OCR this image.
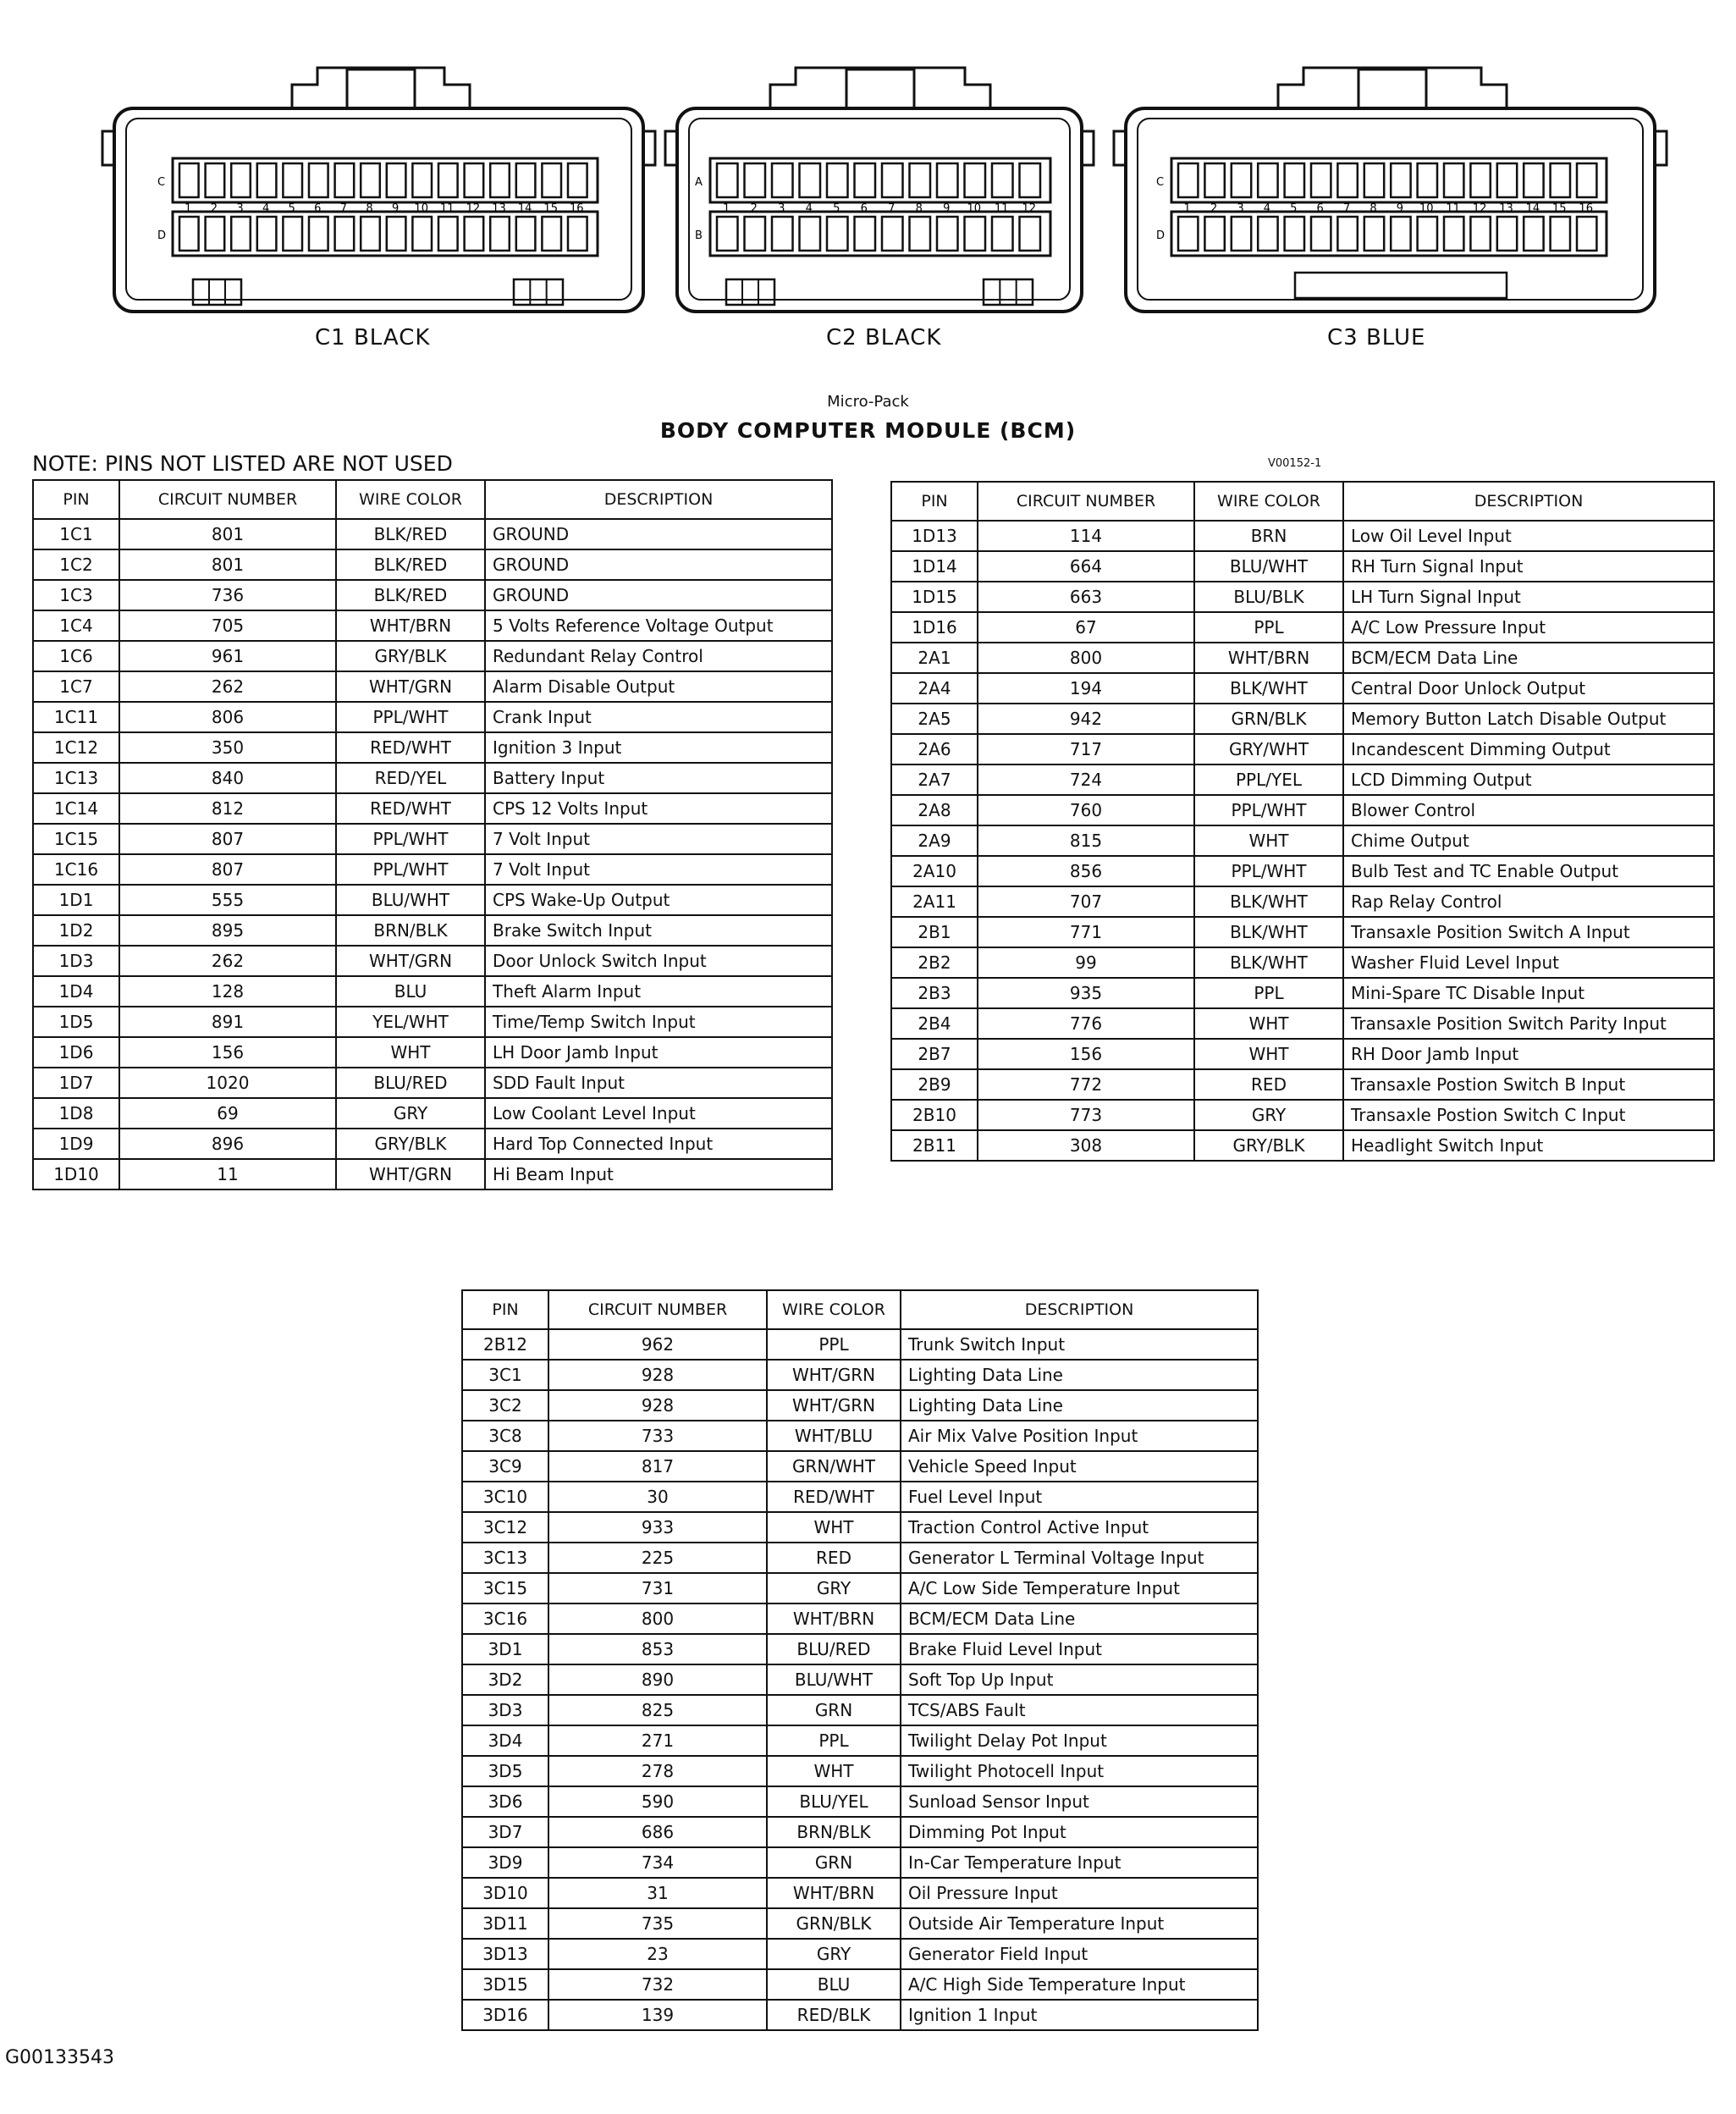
C
D
1 2 3 4 5 6 7 8 9 10 11 12 13 14 15 16
A
B
1 2 3 4 5 6 7 8 9 10 11 12
C
D
1 2 3 4 5 6 7 8 9 10 11 12 13 14 15 16
C1 BLACK	C2 BLACK	C3 BLUE
Micro-Pack
BODY COMPUTER MODULE (BCM)
NOTE: PINS NOT LISTED ARE NOT USED	V00152-1
PIN	CIRCUIT NUMBER	WIRE COLOR	DESCRIPTION
1C1	801	BLK/RED	GROUND
1C2	801	BLK/RED	GROUND
1C3	736	BLK/RED	GROUND
1C4	705	WHT/BRN	5 Volts Reference Voltage Output
1C6	961	GRY/BLK	Redundant Relay Control
1C7	262	WHT/GRN	Alarm Disable Output
1C11	806	PPL/WHT	Crank Input
1C12	350	RED/WHT	Ignition 3 Input
1C13	840	RED/YEL	Battery Input
1C14	812	RED/WHT	CPS 12 Volts Input
1C15	807	PPL/WHT	7 Volt Input
1C16	807	PPL/WHT	7 Volt Input
1D1	555	BLU/WHT	CPS Wake-Up Output
1D2	895	BRN/BLK	Brake Switch Input
1D3	262	WHT/GRN	Door Unlock Switch Input
1D4	128	BLU	Theft Alarm Input
1D5	891	YEL/WHT	Time/Temp Switch Input
1D6	156	WHT	LH Door Jamb Input
1D7	1020	BLU/RED	SDD Fault Input
1D8	69	GRY	Low Coolant Level Input
1D9	896	GRY/BLK	Hard Top Connected Input
1D10	11	WHT/GRN	Hi Beam Input
PIN	CIRCUIT NUMBER	WIRE COLOR	DESCRIPTION
1D13	114	BRN	Low Oil Level Input
1D14	664	BLU/WHT	RH Turn Signal Input
1D15	663	BLU/BLK	LH Turn Signal Input
1D16	67	PPL	A/C Low Pressure Input
2A1	800	WHT/BRN	BCM/ECM Data Line
2A4	194	BLK/WHT	Central Door Unlock Output
2A5	942	GRN/BLK	Memory Button Latch Disable Output
2A6	717	GRY/WHT	Incandescent Dimming Output
2A7	724	PPL/YEL	LCD Dimming Output
2A8	760	PPL/WHT	Blower Control
2A9	815	WHT	Chime Output
2A10	856	PPL/WHT	Bulb Test and TC Enable Output
2A11	707	BLK/WHT	Rap Relay Control
2B1	771	BLK/WHT	Transaxle Position Switch A Input
2B2	99	BLK/WHT	Washer Fluid Level Input
2B3	935	PPL	Mini-Spare TC Disable Input
2B4	776	WHT	Transaxle Position Switch Parity Input
2B7	156	WHT	RH Door Jamb Input
2B9	772	RED	Transaxle Postion Switch B Input
2B10	773	GRY	Transaxle Postion Switch C Input
2B11	308	GRY/BLK	Headlight Switch Input
PIN	CIRCUIT NUMBER	WIRE COLOR	DESCRIPTION
2B12	962	PPL	Trunk Switch Input
3C1	928	WHT/GRN	Lighting Data Line
3C2	928	WHT/GRN	Lighting Data Line
3C8	733	WHT/BLU	Air Mix Valve Position Input
3C9	817	GRN/WHT	Vehicle Speed Input
3C10	30	RED/WHT	Fuel Level Input
3C12	933	WHT	Traction Control Active Input
3C13	225	RED	Generator L Terminal Voltage Input
3C15	731	GRY	A/C Low Side Temperature Input
3C16	800	WHT/BRN	BCM/ECM Data Line
3D1	853	BLU/RED	Brake Fluid Level Input
3D2	890	BLU/WHT	Soft Top Up Input
3D3	825	GRN	TCS/ABS Fault
3D4	271	PPL	Twilight Delay Pot Input
3D5	278	WHT	Twilight Photocell Input
3D6	590	BLU/YEL	Sunload Sensor Input
3D7	686	BRN/BLK	Dimming Pot Input
3D9	734	GRN	In-Car Temperature Input
3D10	31	WHT/BRN	Oil Pressure Input
3D11	735	GRN/BLK	Outside Air Temperature Input
3D13	23	GRY	Generator Field Input
3D15	732	BLU	A/C High Side Temperature Input
3D16	139	RED/BLK	Ignition 1 Input
G00133543
